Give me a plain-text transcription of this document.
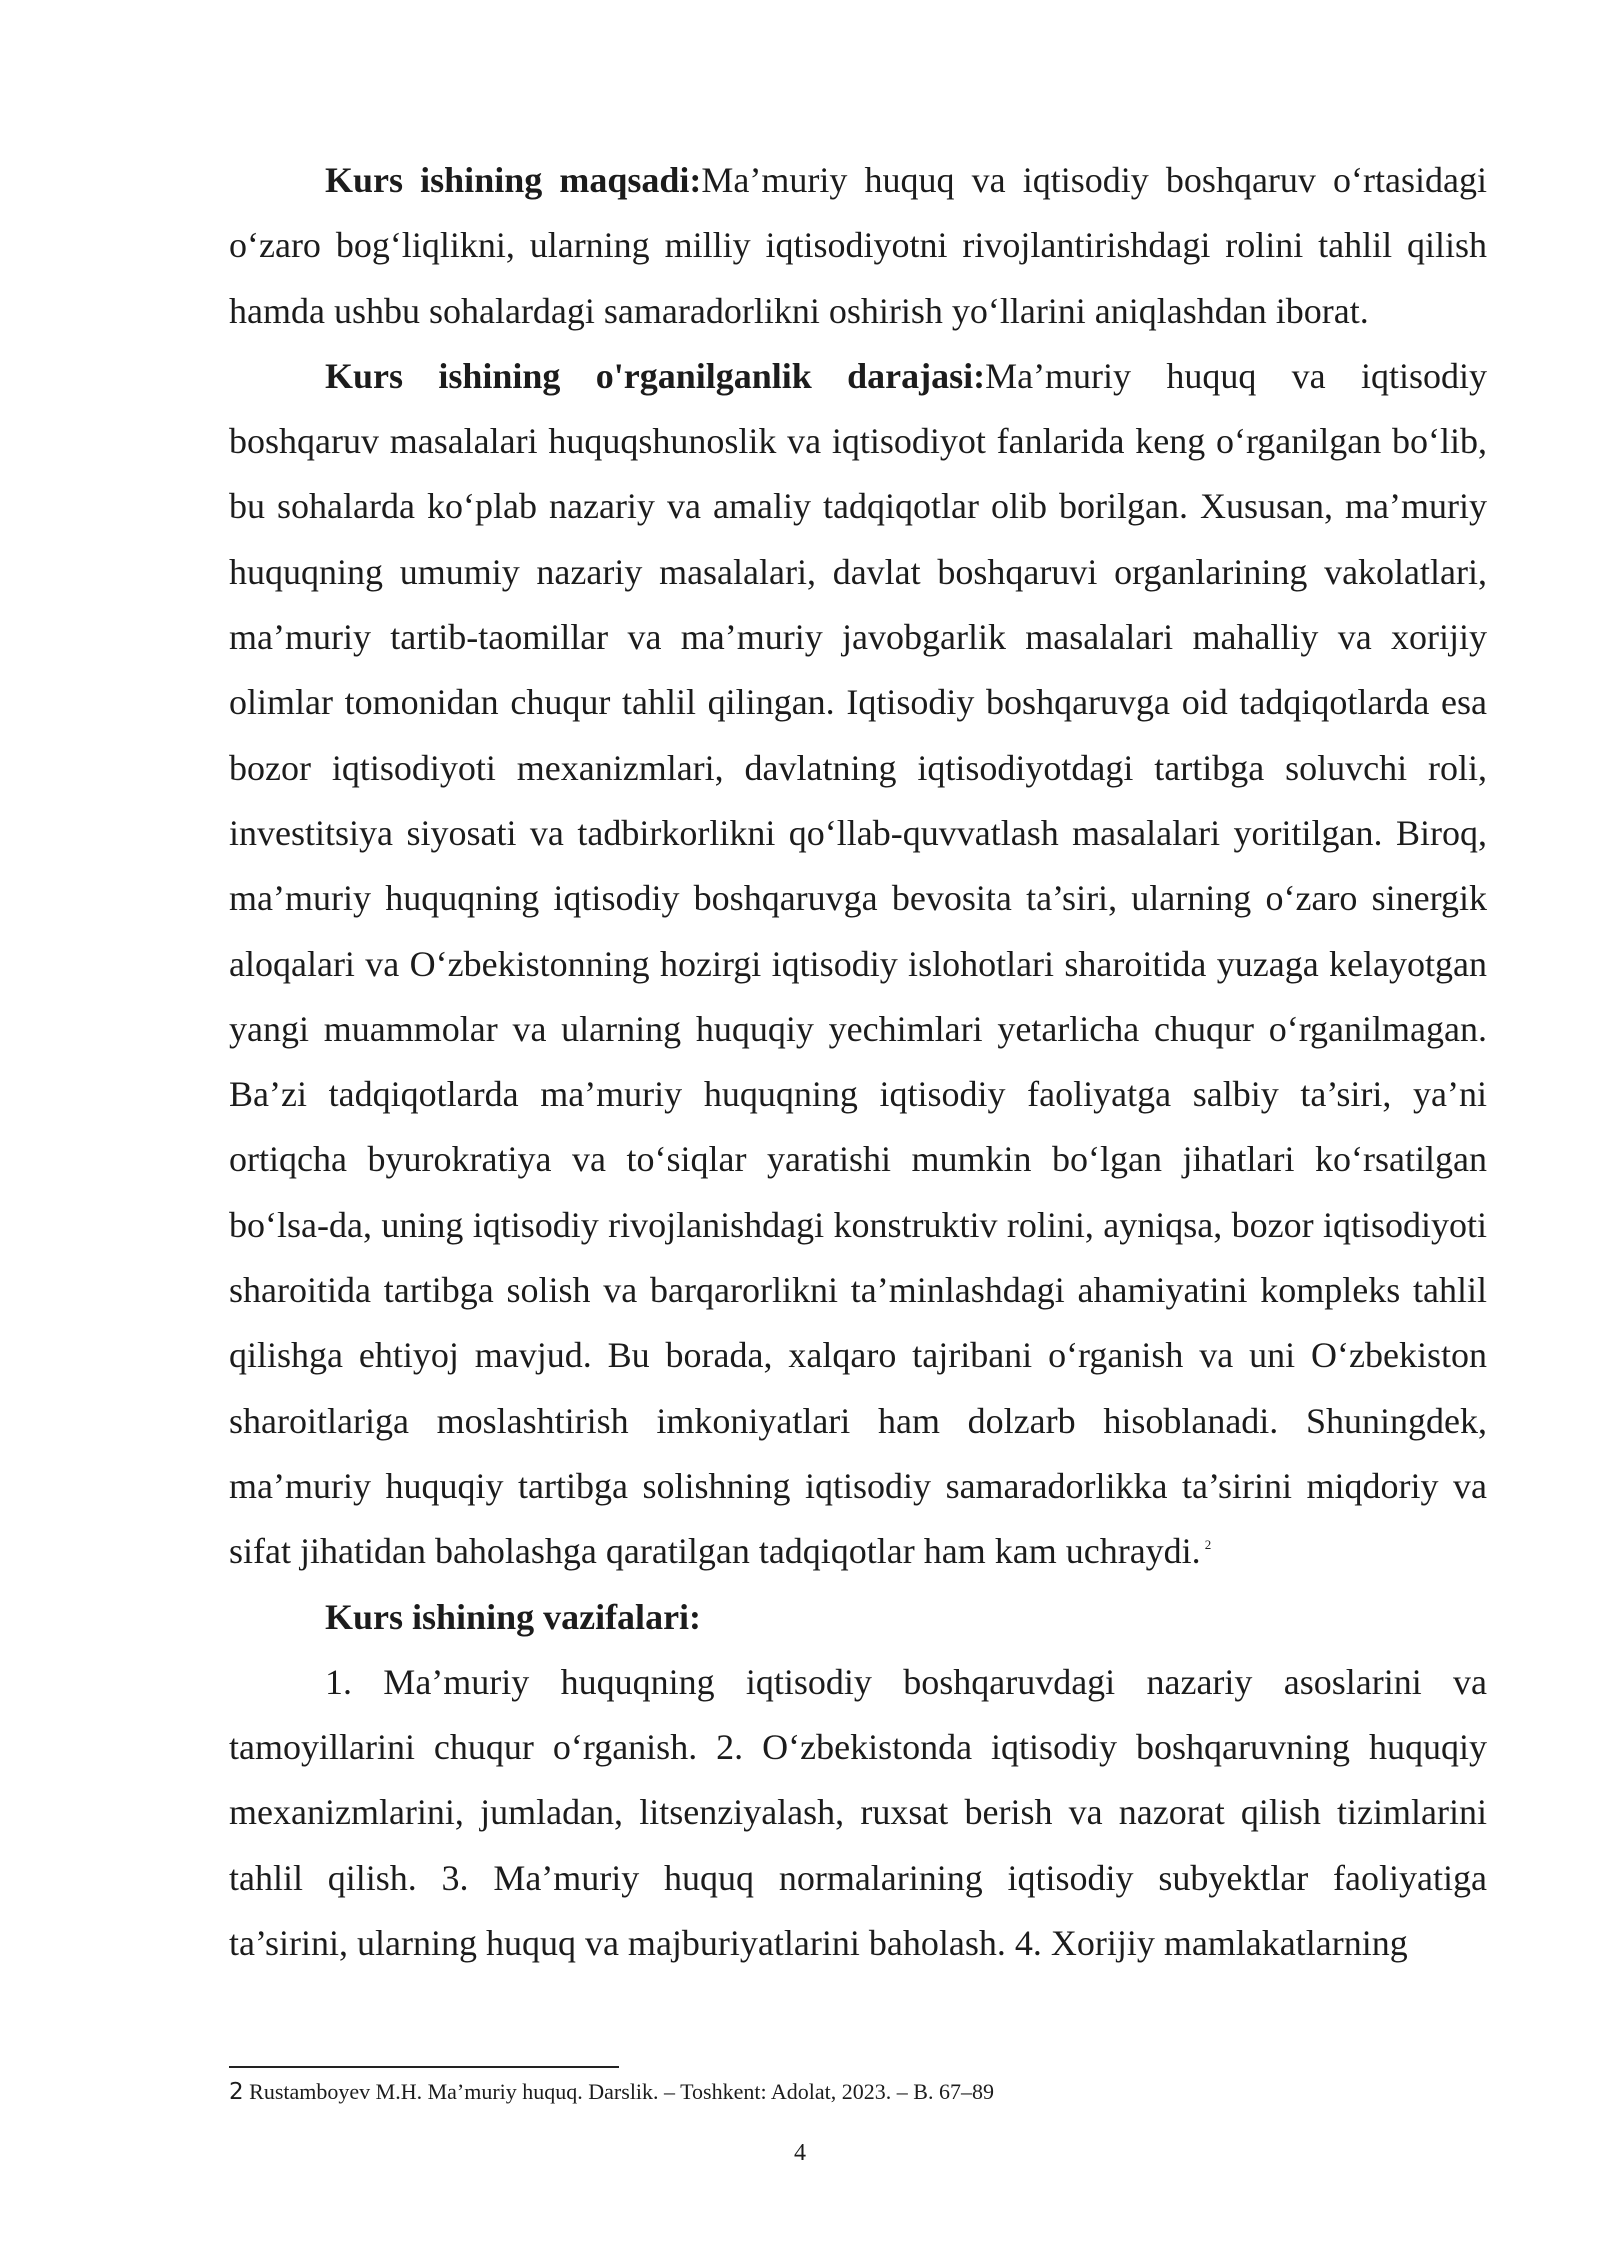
Kurs ishining maqsadi:Ma’muriy huquq va iqtisodiy boshqaruv o‘rtasidagi o‘zaro bog‘liqlikni, ularning milliy iqtisodiyotni rivojlantirishdagi rolini tahlil qilish hamda ushbu sohalardagi samaradorlikni oshirish yo‘llarini aniqlashdan iborat.

Kurs ishining o'rganilganlik darajasi:Ma’muriy huquq va iqtisodiy boshqaruv masalalari huquqshunoslik va iqtisodiyot fanlarida keng o‘rganilgan bo‘lib, bu sohalarda ko‘plab nazariy va amaliy tadqiqotlar olib borilgan. Xususan, ma’muriy huquqning umumiy nazariy masalalari, davlat boshqaruvi organlarining vakolatlari, ma’muriy tartib-taomillar va ma’muriy javobgarlik masalalari mahalliy va xorijiy olimlar tomonidan chuqur tahlil qilingan. Iqtisodiy boshqaruvga oid tadqiqotlarda esa bozor iqtisodiyoti mexanizmlari, davlatning iqtisodiyotdagi tartibga soluvchi roli, investitsiya siyosati va tadbirkorlikni qo‘llab-quvvatlash masalalari yoritilgan. Biroq, ma’muriy huquqning iqtisodiy boshqaruvga bevosita ta’siri, ularning o‘zaro sinergik aloqalari va O‘zbekistonning hozirgi iqtisodiy islohotlari sharoitida yuzaga kelayotgan yangi muammolar va ularning huquqiy yechimlari yetarlicha chuqur o‘rganilmagan. Ba’zi tadqiqotlarda ma’muriy huquqning iqtisodiy faoliyatga salbiy ta’siri, ya’ni ortiqcha byurokratiya va to‘siqlar yaratishi mumkin bo‘lgan jihatlari ko‘rsatilgan bo‘lsa-da, uning iqtisodiy rivojlanishdagi konstruktiv rolini, ayniqsa, bozor iqtisodiyoti sharoitida tartibga solish va barqarorlikni ta’minlashdagi ahamiyatini kompleks tahlil qilishga ehtiyoj mavjud. Bu borada, xalqaro tajribani o‘rganish va uni O‘zbekiston sharoitlariga moslashtirish imkoniyatlari ham dolzarb hisoblanadi. Shuningdek, ma’muriy huquqiy tartibga solishning iqtisodiy samaradorlikka ta’sirini miqdoriy va sifat jihatidan baholashga qaratilgan tadqiqotlar ham kam uchraydi. $^2$

Kurs ishining vazifalari:

1. Ma’muriy huquqning iqtisodiy boshqaruvdagi nazariy asoslarini va tamoyillarini chuqur o‘rganish. 2. O‘zbekistonda iqtisodiy boshqaruvning huquqiy mexanizmlarini, jumladan, litsenziyalash, ruxsat berish va nazorat qilish tizimlarini tahlil qilish. 3. Ma’muriy huquq normalarining iqtisodiy subyektlar faoliyatiga ta’sirini, ularning huquq va majburiyatlarini baholash. 4. Xorijiy mamlakatlarning

2 Rustamboyev M.H. Ma’muriy huquq. Darslik. – Toshkent: Adolat, 2023. – B. 67–89
4
